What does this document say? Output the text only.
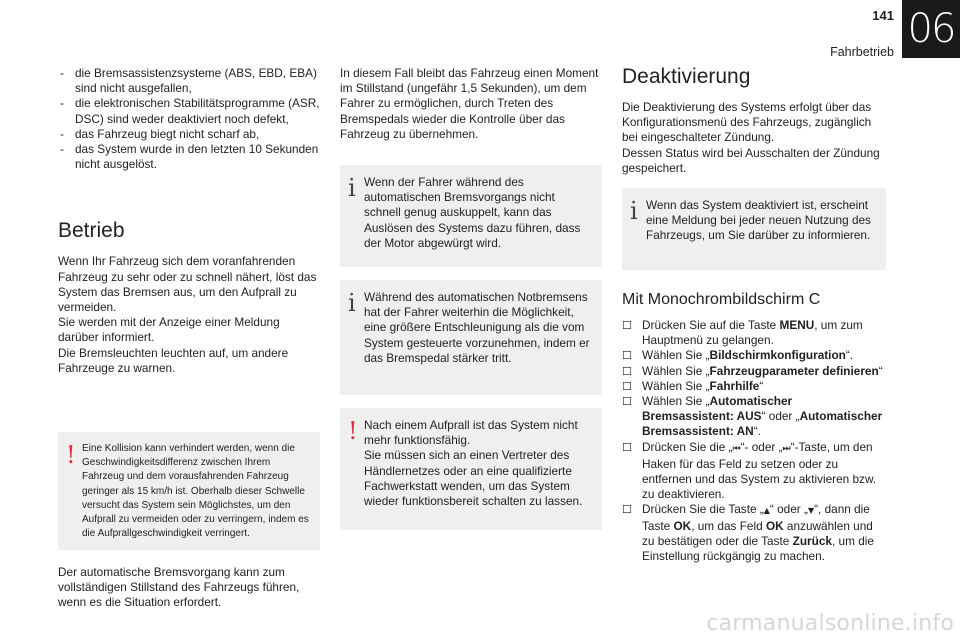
141
Fahrbetrieb 06
- die Bremsassistenzsysteme (ABS, EBD, EBA) sind nicht ausgefallen,
- die elektronischen Stabilitätsprogramme (ASR, DSC) sind weder deaktiviert noch defekt,
- das Fahrzeug biegt nicht scharf ab,
- das System wurde in den letzten 10 Sekunden nicht ausgelöst.
Betrieb

Wenn Ihr Fahrzeug sich dem voranfahrenden Fahrzeug zu sehr oder zu schnell nähert, löst das System das Bremsen aus, um den Aufprall zu vermeiden.

Sie werden mit der Anzeige einer Meldung darüber informiert.

Die Bremsleuchten leuchten auf, um andere Fahrzeuge zu warnen.

! Eine Kollision kann verhindert werden, wenn die Geschwindigkeitsdifferenz zwischen Ihrem Fahrzeug und dem vorausfahrenden Fahrzeug geringer als 15 km/h ist. Oberhalb dieser Schwelle versucht das System sein Möglichstes, um den Aufprall zu vermeiden oder zu verringern, indem es die Aufprallgeschwindigkeit verringert.

Der automatische Bremsvorgang kann zum vollständigen Stillstand des Fahrzeugs führen, wenn es die Situation erfordert.

In diesem Fall bleibt das Fahrzeug einen Moment im Stillstand (ungefähr 1,5 Sekunden), um dem Fahrer zu ermöglichen, durch Treten des Bremspedals wieder die Kontrolle über das Fahrzeug zu übernehmen.

i Wenn der Fahrer während des automatischen Bremsvorgangs nicht schnell genug auskuppelt, kann das Auslösen des Systems dazu führen, dass der Motor abgewürgt wird.

i Während des automatischen Notbremsens hat der Fahrer weiterhin die Möglichkeit, eine größere Entschleunigung als die vom System gesteuerte vorzunehmen, indem er das Bremspedal stärker tritt.

! Nach einem Aufprall ist das System nicht mehr funktionsfähig.

Sie müssen sich an einen Vertreter des Händlernetzes oder an eine qualifizierte Fachwerkstatt wenden, um das System wieder funktionsbereit schalten zu lassen.

Deaktivierung

Die Deaktivierung des Systems erfolgt über das Konfigurationsmenü des Fahrzeugs, zugänglich bei eingeschalteter Zündung.

Dessen Status wird bei Ausschalten der Zündung gespeichert.

i Wenn das System deaktiviert ist, erscheint eine Meldung bei jeder neuen Nutzung des Fahrzeugs, um Sie darüber zu informieren.

Mit Monochrombildschirm C
☐ Drücken Sie auf die Taste MENU, um zum Hauptmenü zu gelangen.
☐ Wählen Sie „Bildschirmkonfiguration“.
☐ Wählen Sie „Fahrzeugparameter definieren“
☐ Wählen Sie „Fahrhilfe“
☐ Wählen Sie „Automatischer Bremsassistent: AUS“ oder „Automatischer Bremsassistent: AN“.
☐ Drücken Sie die „⏮“- oder „⏭“-Taste, um den Haken für das Feld zu setzen oder zu entfernen und das System zu aktivieren bzw. zu deaktivieren.
☐ Drücken Sie die Taste „▲“ oder „▼“, dann die Taste OK, um das Feld OK anzuwählen und zu bestätigen oder die Taste Zurück, um die Einstellung rückgängig zu machen.
carmanualsonline.info
